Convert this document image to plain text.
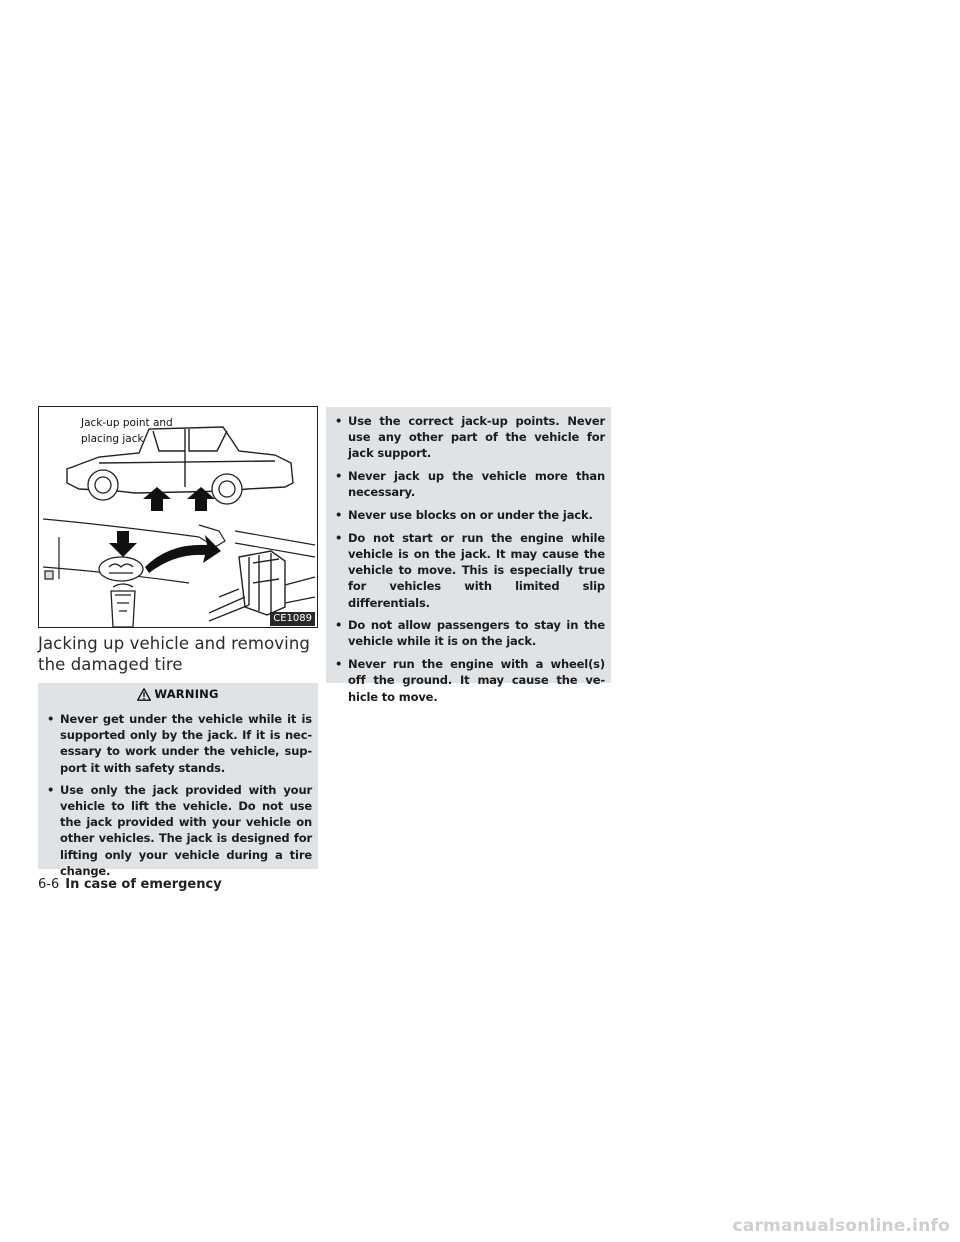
Jack-up point and
placing jack
CE1089
Jacking up vehicle and removing the damaged tire
WARNING
• Never get under the vehicle while it is supported only by the jack. If it is nec-essary to work under the vehicle, sup-port it with safety stands.
• Use only the jack provided with your vehicle to lift the vehicle. Do not use the jack provided with your vehicle on other vehicles. The jack is designed for lifting only your vehicle during a tire change.
• Use the correct jack-up points. Never use any other part of the vehicle for jack support.
• Never jack up the vehicle more than necessary.
• Never use blocks on or under the jack.
• Do not start or run the engine while vehicle is on the jack. It may cause the vehicle to move. This is especially true for vehicles with limited slip differentials.
• Do not allow passengers to stay in the vehicle while it is on the jack.
• Never run the engine with a wheel(s) off the ground. It may cause the ve-hicle to move.
6-6 In case of emergency
carmanualsonline.info
